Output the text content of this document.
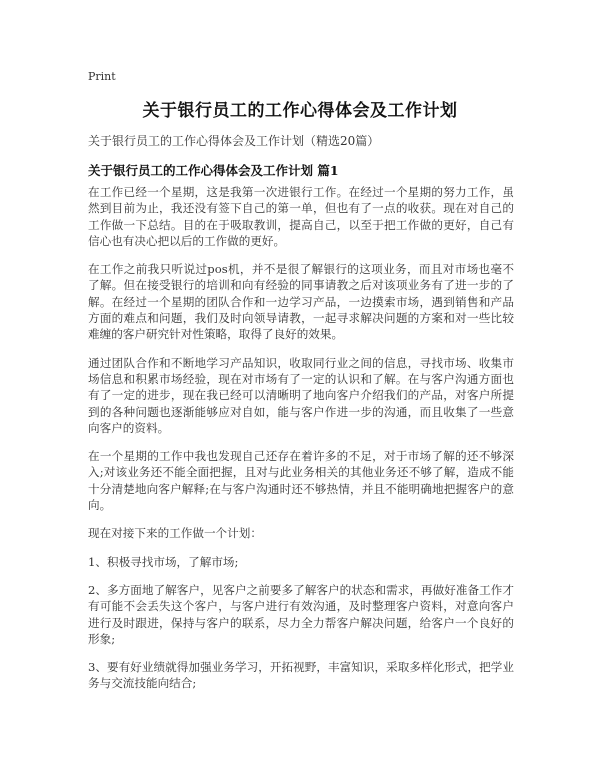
Print
关于银行员工的工作心得体会及工作计划
关于银行员工的工作心得体会及工作计划（精选20篇）
关于银行员工的工作心得体会及工作计划 篇1

在工作已经一个星期，这是我第一次进银行工作。在经过一个星期的努力工作，虽然到目前为止，我还没有签下自己的第一单，但也有了一点的收获。现在对自己的工作做一下总结。目的在于吸取教训，提高自己，以至于把工作做的更好，自己有信心也有决心把以后的工作做的更好。

在工作之前我只听说过pos机，并不是很了解银行的这项业务，而且对市场也毫不了解。但在接受银行的培训和向有经验的同事请教之后对该项业务有了进一步的了解。在经过一个星期的团队合作和一边学习产品，一边摸索市场，遇到销售和产品方面的难点和问题，我们及时向领导请教，一起寻求解决问题的方案和对一些比较难缠的客户研究针对性策略，取得了良好的效果。

通过团队合作和不断地学习产品知识，收取同行业之间的信息，寻找市场、收集市场信息和积累市场经验，现在对市场有了一定的认识和了解。在与客户沟通方面也有了一定的进步，现在我已经可以清晰明了地向客户介绍我们的产品，对客户所提到的各种问题也逐渐能够应对自如，能与客户作进一步的沟通，而且收集了一些意向客户的资料。

在一个星期的工作中我也发现自己还存在着许多的不足，对于市场了解的还不够深入;对该业务还不能全面把握，且对与此业务相关的其他业务还不够了解，造成不能十分清楚地向客户解释;在与客户沟通时还不够热情，并且不能明确地把握客户的意向。

现在对接下来的工作做一个计划：

1、积极寻找市场，了解市场;

2、多方面地了解客户，见客户之前要多了解客户的状态和需求，再做好准备工作才有可能不会丢失这个客户，与客户进行有效沟通，及时整理客户资料，对意向客户进行及时跟进，保持与客户的联系，尽力全力帮客户解决问题，给客户一个良好的形象;

3、要有好业绩就得加强业务学习，开拓视野，丰富知识，采取多样化形式，把学业务与交流技能向结合;
